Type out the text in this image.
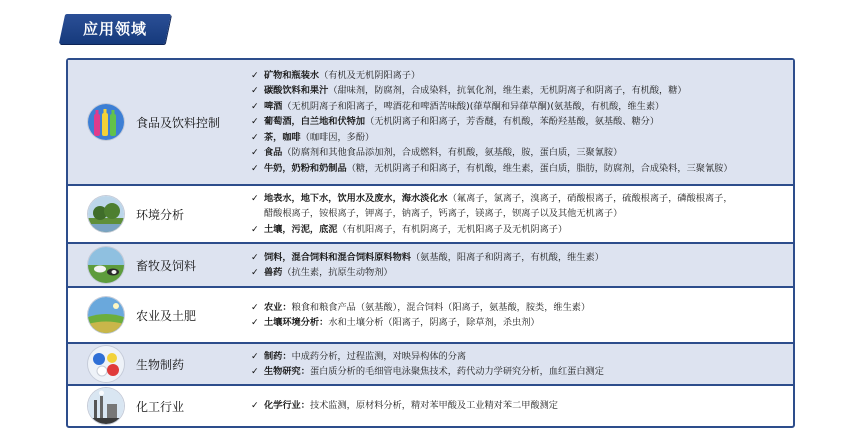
应用领域
食品及饮料控制
✓ 矿物和瓶装水（有机及无机阴阳离子）
✓ 碳酸饮料和果汁（甜味剂，防腐剂，合成染料，抗氧化剂，维生素，无机阴离子和阴离子，有机酸，糖）
✓ 啤酒（无机阴离子和阳离子，啤酒花和啤酒苦味酸)(葎草酮和异葎草酮)(氨基酸，有机酸，维生素）
✓ 葡萄酒，白兰地和伏特加（无机阴离子和阳离子，芳香醚，有机酸，苯酚羟基酸，氨基酸、糖分）
✓ 茶，咖啡（咖啡因，多酚）
✓ 食品（防腐剂和其他食品添加剂，合成燃料，有机酸，氨基酸，胺，蛋白质，三聚氰胺）
✓ 牛奶，奶粉和奶制品（糖，无机阴离子和阳离子，有机酸，维生素，蛋白质，脂肪，防腐剂，合成染料，三聚氰胺）
环境分析
✓ 地表水，地下水，饮用水及废水，海水淡化水（氟离子，氯离子，溴离子，硝酸根离子，硫酸根离子，磷酸根离子，
醋酸根离子，铵根离子，钾离子，钠离子，钙离子，镁离子，钡离子以及其他无机离子）
✓ 土壤，污泥，底泥（有机阳离子，有机阴离子，无机阳离子及无机阴离子）
畜牧及饲料
✓ 饲料，混合饲料和混合饲料原料物料（氨基酸，阳离子和阴离子，有机酸，维生素）
✓ 兽药（抗生素，抗原生动物剂）
农业及土肥
✓ 农业：粮食和粮食产品（氨基酸），混合饲料（阳离子，氨基酸，胺类，维生素）
✓ 土壤环境分析：水和土壤分析（阳离子，阴离子，除草剂，杀虫剂）
生物制药
✓ 制药：中成药分析，过程监测，对映异构体的分离
✓ 生物研究：蛋白质分析的毛细管电泳聚焦技术，药代动力学研究分析，血红蛋白测定
化工行业	✓ 化学行业：技术监测，原材料分析，精对苯甲酸及工业精对苯二甲酸测定
